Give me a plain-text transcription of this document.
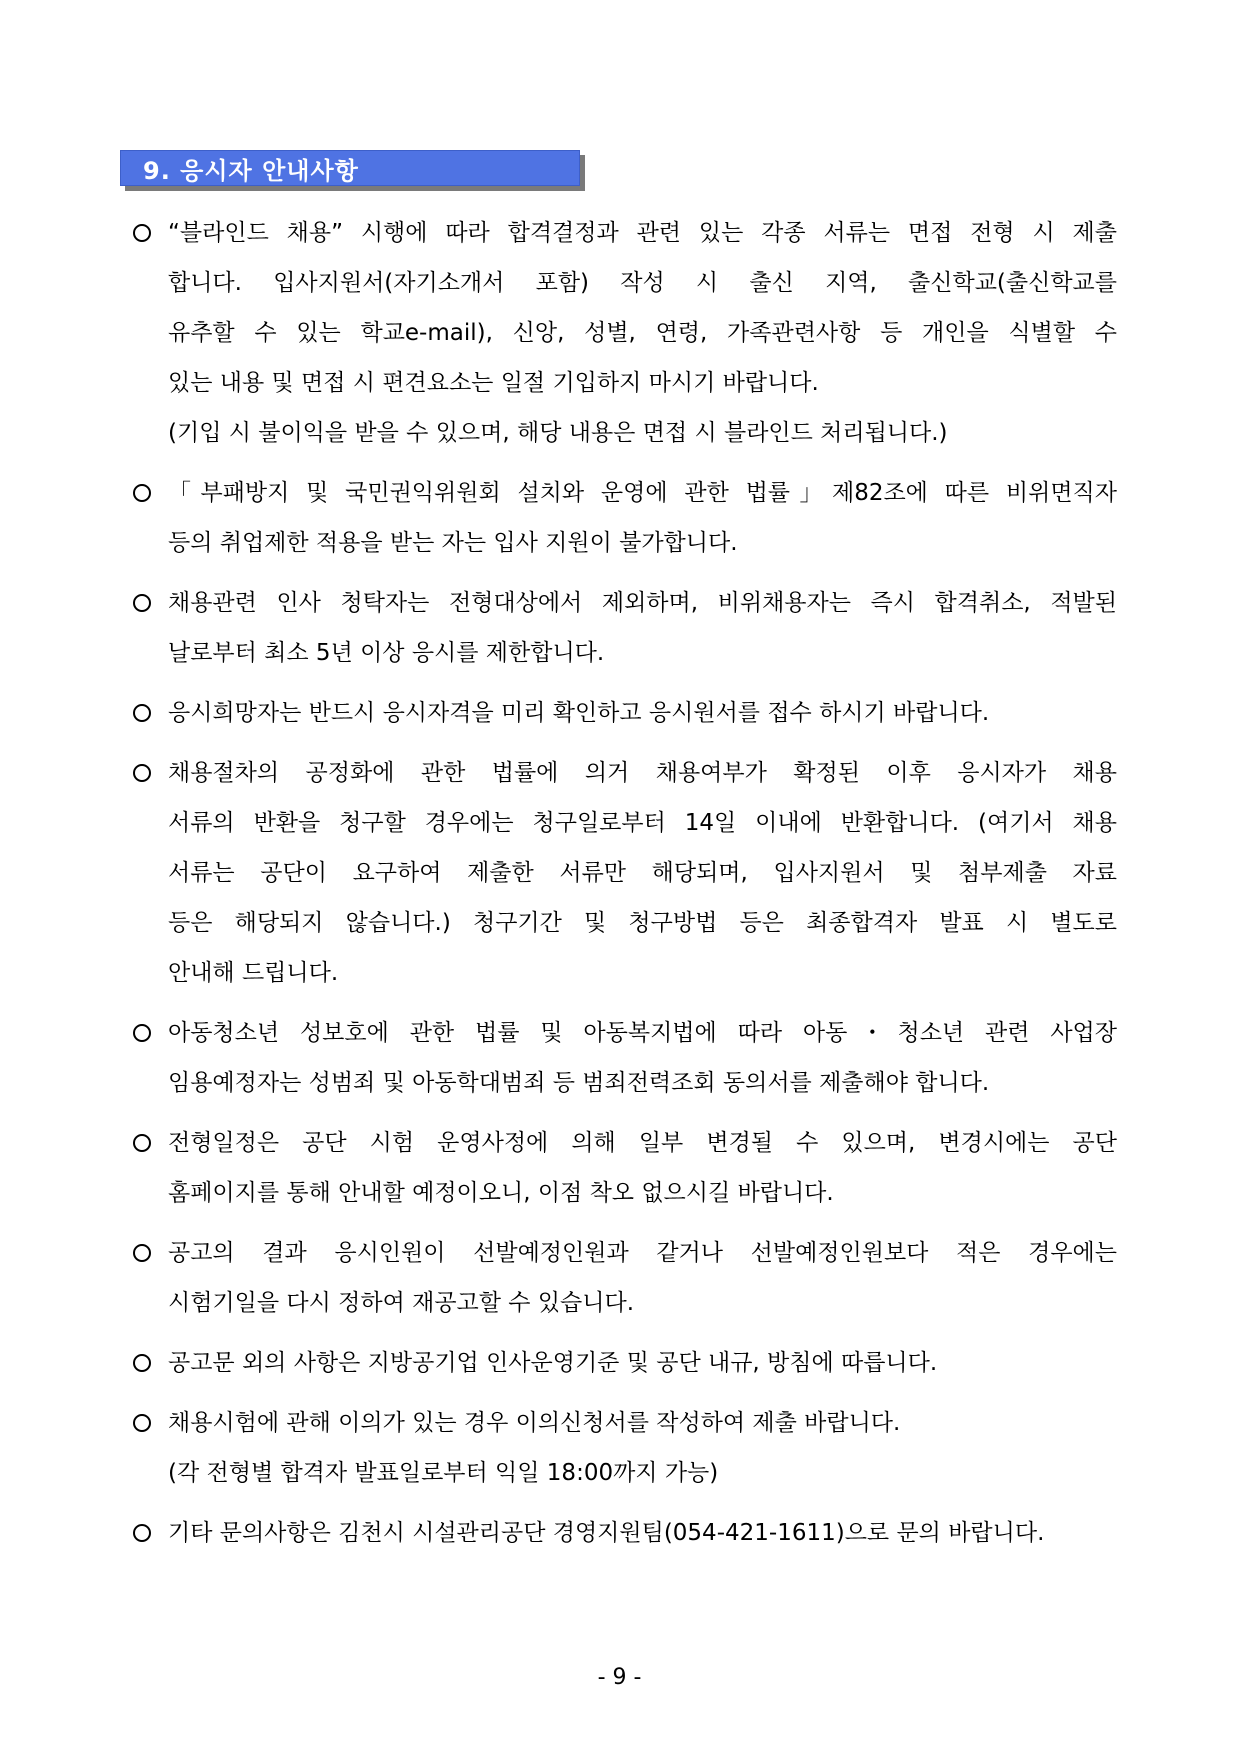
9. 응시자 안내사항
“블라인드 채용” 시행에 따라 합격결정과 관련 있는 각종 서류는 면접 전형 시 제출
합니다. 입사지원서(자기소개서 포함) 작성 시 출신 지역, 출신학교(출신학교를
유추할 수 있는 학교e-mail), 신앙, 성별, 연령, 가족관련사항 등 개인을 식별할 수
있는 내용 및 면접 시 편견요소는 일절 기입하지 마시기 바랍니다.
(기입 시 불이익을 받을 수 있으며, 해당 내용은 면접 시 블라인드 처리됩니다.)
「부패방지 및 국민권익위원회 설치와 운영에 관한 법률」제82조에 따른 비위면직자
등의 취업제한 적용을 받는 자는 입사 지원이 불가합니다.
채용관련 인사 청탁자는 전형대상에서 제외하며, 비위채용자는 즉시 합격취소, 적발된
날로부터 최소 5년 이상 응시를 제한합니다.
응시희망자는 반드시 응시자격을 미리 확인하고 응시원서를 접수 하시기 바랍니다.
채용절차의 공정화에 관한 법률에 의거 채용여부가 확정된 이후 응시자가 채용
서류의 반환을 청구할 경우에는 청구일로부터 14일 이내에 반환합니다. (여기서 채용
서류는 공단이 요구하여 제출한 서류만 해당되며, 입사지원서 및 첨부제출 자료
등은 해당되지 않습니다.) 청구기간 및 청구방법 등은 최종합격자 발표 시 별도로
안내해 드립니다.
아동청소년 성보호에 관한 법률 및 아동복지법에 따라 아동・청소년 관련 사업장
임용예정자는 성범죄 및 아동학대범죄 등 범죄전력조회 동의서를 제출해야 합니다.
전형일정은 공단 시험 운영사정에 의해 일부 변경될 수 있으며, 변경시에는 공단
홈페이지를 통해 안내할 예정이오니, 이점 착오 없으시길 바랍니다.
공고의 결과 응시인원이 선발예정인원과 같거나 선발예정인원보다 적은 경우에는
시험기일을 다시 정하여 재공고할 수 있습니다.
공고문 외의 사항은 지방공기업 인사운영기준 및 공단 내규, 방침에 따릅니다.
채용시험에 관해 이의가 있는 경우 이의신청서를 작성하여 제출 바랍니다.
(각 전형별 합격자 발표일로부터 익일 18:00까지 가능)
기타 문의사항은 김천시 시설관리공단 경영지원팀(054-421-1611)으로 문의 바랍니다.
- 9 -
